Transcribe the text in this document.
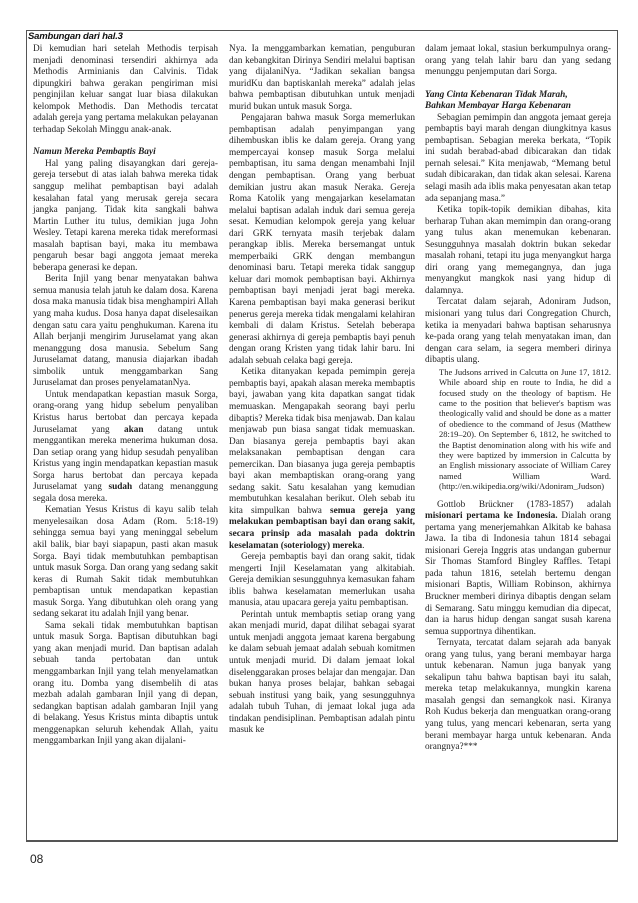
Sambungan dari hal.3

Di kemudian hari setelah Methodis terpisah menjadi denominasi tersendiri akhirnya ada Methodis Arminianis dan Calvinis. Tidak dipungkiri bahwa gerakan pengiriman misi penginjilan keluar sangat luar biasa dilakukan kelompok Methodis. Dan Methodis tercatat adalah gereja yang pertama melakukan pelayanan terhadap Sekolah Minggu anak-anak.

Namun Mereka Pembaptis Bayi

Hal yang paling disayangkan dari gereja-gereja tersebut di atas ialah bahwa mereka tidak sanggup melihat pembaptisan bayi adalah kesalahan fatal yang merusak gereja secara jangka panjang. Tidak kita sangkali bahwa Martin Luther itu tulus, demikian juga John Wesley. Tetapi karena mereka tidak mereformasi masalah baptisan bayi, maka itu membawa pengaruh besar bagi anggota jemaat mereka beberapa generasi ke depan.

Berita Injil yang benar menyatakan bahwa semua manusia telah jatuh ke dalam dosa. Karena dosa maka manusia tidak bisa menghampiri Allah yang maha kudus. Dosa hanya dapat diselesaikan dengan satu cara yaitu penghukuman. Karena itu Allah berjanji mengirim Juruselamat yang akan menanggung dosa manusia. Sebelum Sang Juruselamat datang, manusia diajarkan ibadah simbolik untuk menggambarkan Sang Juruselamat dan proses penyelamatanNya.

Untuk mendapatkan kepastian masuk Sorga, orang-orang yang hidup sebelum penyaliban Kristus harus bertobat dan percaya kepada Juruselamat yang akan datang untuk menggantikan mereka menerima hukuman dosa. Dan setiap orang yang hidup sesudah penyaliban Kristus yang ingin mendapatkan kepastian masuk Sorga harus bertobat dan percaya kepada Juruselamat yang sudah datang menanggung segala dosa mereka.

Kematian Yesus Kristus di kayu salib telah menyelesaikan dosa Adam (Rom. 5:18-19) sehingga semua bayi yang meninggal sebelum akil balik, biar bayi siapapun, pasti akan masuk Sorga. Bayi tidak membutuhkan pembaptisan untuk masuk Sorga. Dan orang yang sedang sakit keras di Rumah Sakit tidak membutuhkan pembaptisan untuk mendapatkan kepastian masuk Sorga. Yang dibutuhkan oleh orang yang sedang sekarat itu adalah Injil yang benar.

Sama sekali tidak membutuhkan baptisan untuk masuk Sorga. Baptisan dibutuhkan bagi yang akan menjadi murid. Dan baptisan adalah sebuah tanda pertobatan dan untuk menggambarkan Injil yang telah menyelamatkan orang itu. Domba yang disembelih di atas mezbah adalah gambaran Injil yang di depan, sedangkan baptisan adalah gambaran Injil yang di belakang. Yesus Kristus minta dibaptis untuk menggenapkan seluruh kehendak Allah, yaitu menggambarkan Injil yang akan dijalani-

Nya. Ia menggambarkan kematian, penguburan dan kebangkitan Dirinya Sendiri melalui baptisan yang dijalaniNya. “Jadikan sekalian bangsa muridKu dan baptiskanlah mereka” adalah jelas bahwa pembaptisan dibutuhkan untuk menjadi murid bukan untuk masuk Sorga.

Pengajaran bahwa masuk Sorga memerlukan pembaptisan adalah penyimpangan yang dihembuskan iblis ke dalam gereja. Orang yang mempercayai konsep masuk Sorga melalui pembaptisan, itu sama dengan menambahi Injil dengan pembaptisan. Orang yang berbuat demikian justru akan masuk Neraka. Gereja Roma Katolik yang mengajarkan keselamatan melalui baptisan adalah induk dari semua gereja sesat. Kemudian kelompok gereja yang keluar dari GRK ternyata masih terjebak dalam perangkap iblis. Mereka bersemangat untuk memperbaiki GRK dengan membangun denominasi baru. Tetapi mereka tidak sanggup keluar dari momok pembaptisan bayi. Akhirnya pembaptisan bayi menjadi jerat bagi mereka. Karena pembaptisan bayi maka generasi berikut penerus gereja mereka tidak mengalami kelahiran kembali di dalam Kristus. Setelah beberapa generasi akhirnya di gereja pembaptis bayi penuh dengan orang Kristen yang tidak lahir baru. Ini adalah sebuah celaka bagi gereja.

Ketika ditanyakan kepada pemimpin gereja pembaptis bayi, apakah alasan mereka membaptis bayi, jawaban yang kita dapatkan sangat tidak memuaskan. Mengapakah seorang bayi perlu dibaptis? Mereka tidak bisa menjawab. Dan kalau menjawab pun biasa sangat tidak memuaskan. Dan biasanya gereja pembaptis bayi akan melaksanakan pembaptisan dengan cara pemercikan. Dan biasanya juga gereja pembaptis bayi akan membaptiskan orang-orang yang sedang sakit. Satu kesalahan yang kemudian membutuhkan kesalahan berikut. Oleh sebab itu kita simpulkan bahwa semua gereja yang melakukan pembaptisan bayi dan orang sakit, secara prinsip ada masalah pada doktrin keselamatan (soteriology) mereka.

Gereja pembaptis bayi dan orang sakit, tidak mengerti Injil Keselamatan yang alkitabiah. Gereja demikian sesungguhnya kemasukan faham iblis bahwa keselamatan memerlukan usaha manusia, atau upacara gereja yaitu pembaptisan.

Perintah untuk membaptis setiap orang yang akan menjadi murid, dapat dilihat sebagai syarat untuk menjadi anggota jemaat karena bergabung ke dalam sebuah jemaat adalah sebuah komitmen untuk menjadi murid. Di dalam jemaat lokal diselenggarakan proses belajar dan mengajar. Dan bukan hanya proses belajar, bahkan sebagai sebuah institusi yang baik, yang sesungguhnya adalah tubuh Tuhan, di jemaat lokal juga ada tindakan pendisiplinan. Pembaptisan adalah pintu masuk ke

dalam jemaat lokal, stasiun berkumpulnya orang-orang yang telah lahir baru dan yang sedang menunggu penjemputan dari Sorga.

Yang Cinta Kebenaran Tidak Marah,
Bahkan Membayar Harga Kebenaran

Sebagian pemimpin dan anggota jemaat gereja pembaptis bayi marah dengan diungkitnya kasus pembaptisan. Sebagian mereka berkata, “Topik ini sudah berabad-abad dibicarakan dan tidak pernah selesai.” Kita menjawab, “Memang betul sudah dibicarakan, dan tidak akan selesai. Karena selagi masih ada iblis maka penyesatan akan tetap ada sepanjang masa.”

Ketika topik-topik demikian dibahas, kita berharap Tuhan akan memimpin dan orang-orang yang tulus akan menemukan kebenaran. Sesungguhnya masalah doktrin bukan sekedar masalah rohani, tetapi itu juga menyangkut harga diri orang yang memegangnya, dan juga menyangkut mangkok nasi yang hidup di dalamnya.

Tercatat dalam sejarah, Adoniram Judson, misionari yang tulus dari Congregation Church, ketika ia menyadari bahwa baptisan seharusnya ke-pada orang yang telah menyatakan iman, dan dengan cara selam, ia segera memberi dirinya dibaptis ulang.

The Judsons arrived in Calcutta on June 17, 1812. While aboard ship en route to India, he did a focused study on the theology of baptism. He came to the position that believer's baptism was theologically valid and should be done as a matter of obedience to the command of Jesus (Matthew 28:19–20). On September 6, 1812, he switched to the Baptist denomination along with his wife and they were baptized by immersion in Calcutta by an English missionary associate of William Carey named William Ward. (http://en.wikipedia.org/wiki/Adoniram_Judson)

Gottlob Brückner (1783-1857) adalah misionari pertama ke Indonesia. Dialah orang pertama yang menerjemahkan Alkitab ke bahasa Jawa. Ia tiba di Indonesia tahun 1814 sebagai misionari Gereja Inggris atas undangan gubernur Sir Thomas Stamford Bingley Raffles. Tetapi pada tahun 1816, setelah bertemu dengan misionari Baptis, William Robinson, akhirnya Bruckner memberi dirinya dibaptis dengan selam di Semarang. Satu minggu kemudian dia dipecat, dan ia harus hidup dengan sangat susah karena semua supportnya dihentikan.

Ternyata, tercatat dalam sejarah ada banyak orang yang tulus, yang berani membayar harga untuk kebenaran. Namun juga banyak yang sekalipun tahu bahwa baptisan bayi itu salah, mereka tetap melakukannya, mungkin karena masalah gengsi dan semangkok nasi. Kiranya Roh Kudus bekerja dan menguatkan orang-orang yang tulus, yang mencari kebenaran, serta yang berani membayar harga untuk kebenaran. Anda orangnya?***

08
